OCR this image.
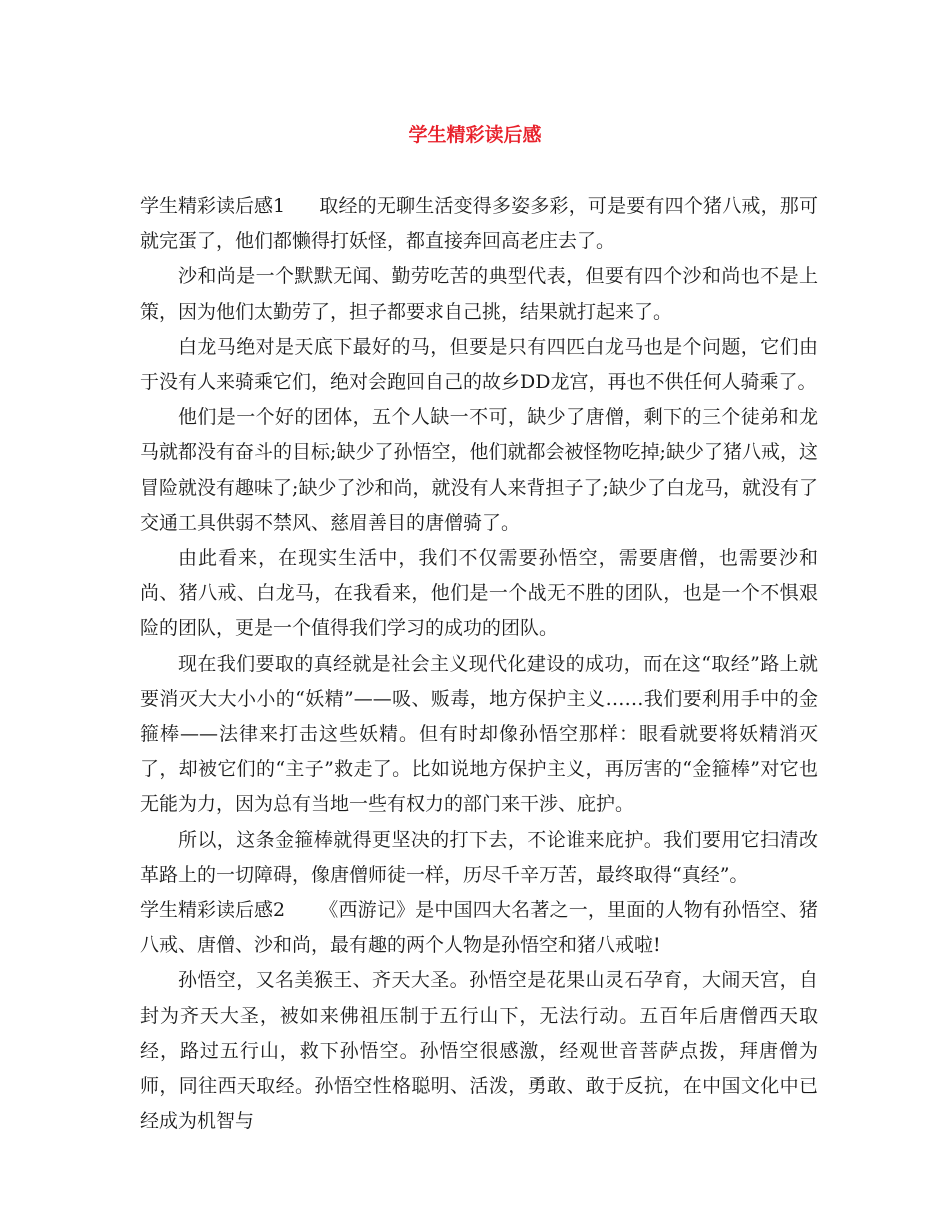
学生精彩读后感

学生精彩读后感1 取经的无聊生活变得多姿多彩，可是要有四个猪八戒，那可就完蛋了，他们都懒得打妖怪，都直接奔回高老庄去了。

沙和尚是一个默默无闻、勤劳吃苦的典型代表，但要有四个沙和尚也不是上策，因为他们太勤劳了，担子都要求自己挑，结果就打起来了。

白龙马绝对是天底下最好的马，但要是只有四匹白龙马也是个问题，它们由于没有人来骑乘它们，绝对会跑回自己的故乡DD龙宫，再也不供任何人骑乘了。

他们是一个好的团体，五个人缺一不可，缺少了唐僧，剩下的三个徒弟和龙马就都没有奋斗的目标;缺少了孙悟空，他们就都会被怪物吃掉;缺少了猪八戒，这冒险就没有趣味了;缺少了沙和尚，就没有人来背担子了;缺少了白龙马，就没有了交通工具供弱不禁风、慈眉善目的唐僧骑了。

由此看来，在现实生活中，我们不仅需要孙悟空，需要唐僧，也需要沙和尚、猪八戒、白龙马，在我看来，他们是一个战无不胜的团队，也是一个不惧艰险的团队，更是一个值得我们学习的成功的团队。

现在我们要取的真经就是社会主义现代化建设的成功，而在这“取经”路上就要消灭大大小小的“妖精”——吸、贩毒，地方保护主义……我们要利用手中的金箍棒——法律来打击这些妖精。但有时却像孙悟空那样：眼看就要将妖精消灭了，却被它们的“主子”救走了。比如说地方保护主义，再厉害的“金箍棒”对它也无能为力，因为总有当地一些有权力的部门来干涉、庇护。

所以，这条金箍棒就得更坚决的打下去，不论谁来庇护。我们要用它扫清改革路上的一切障碍，像唐僧师徒一样，历尽千辛万苦，最终取得“真经”。

学生精彩读后感2 《西游记》是中国四大名著之一，里面的人物有孙悟空、猪八戒、唐僧、沙和尚，最有趣的两个人物是孙悟空和猪八戒啦!

孙悟空，又名美猴王、齐天大圣。孙悟空是花果山灵石孕育，大闹天宫，自封为齐天大圣，被如来佛祖压制于五行山下，无法行动。五百年后唐僧西天取经，路过五行山，救下孙悟空。孙悟空很感激，经观世音菩萨点拨，拜唐僧为师，同往西天取经。孙悟空性格聪明、活泼，勇敢、敢于反抗，在中国文化中已经成为机智与
